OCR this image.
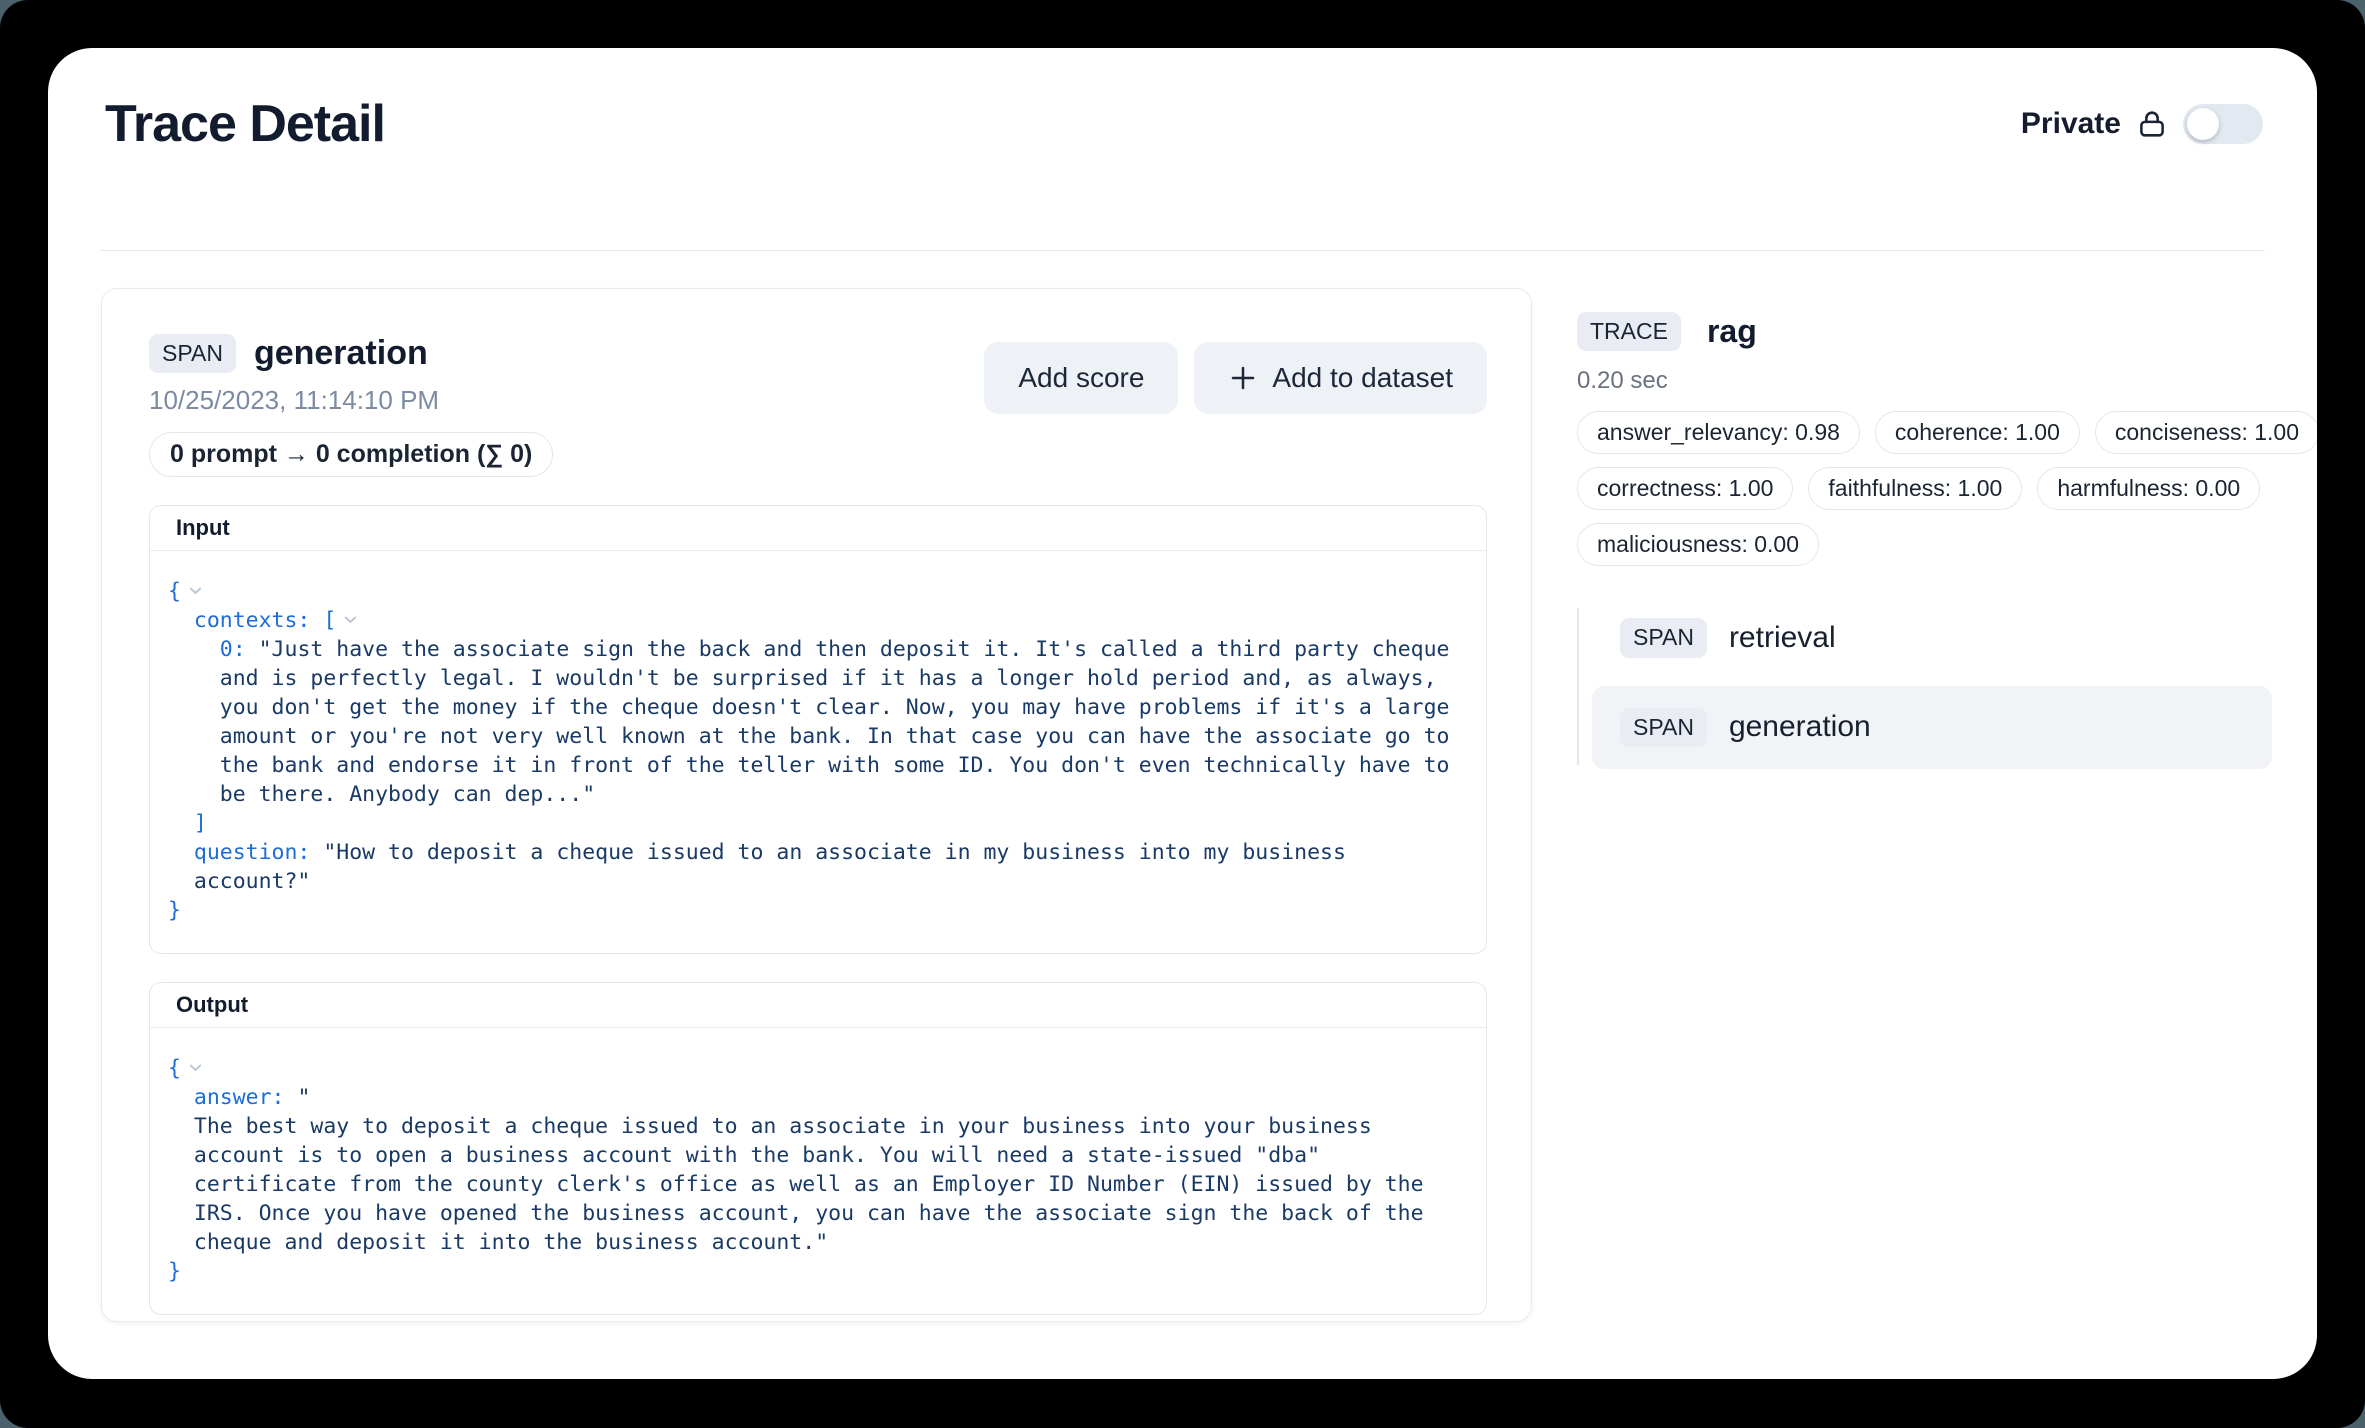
Trace Detail	Private
SPAN generation
10/25/2023, 11:14:10 PM
0 prompt → 0 completion (∑ 0)
Add score	Add to dataset
Input
{
contexts: [
0: "Just have the associate sign the back and then deposit it. It's called a third party cheque and is perfectly legal. I wouldn't be surprised if it has a longer hold period and, as always, you don't get the money if the cheque doesn't clear. Now, you may have problems if it's a large amount or you're not very well known at the bank. In that case you can have the associate go to the bank and endorse it in front of the teller with some ID. You don't even technically have to be there. Anybody can dep..."
]
question: "How to deposit a cheque issued to an associate in my business into my business account?"
}
Output
{
answer: "
The best way to deposit a cheque issued to an associate in your business into your business account is to open a business account with the bank. You will need a state-issued "dba" certificate from the county clerk's office as well as an Employer ID Number (EIN) issued by the IRS. Once you have opened the business account, you can have the associate sign the back of the cheque and deposit it into the business account."
}
TRACE	rag
0.20 sec
answer_relevancy: 0.98	coherence: 1.00	conciseness: 1.00
correctness: 1.00	faithfulness: 1.00	harmfulness: 0.00
maliciousness: 0.00
SPAN	retrieval
SPAN	generation
